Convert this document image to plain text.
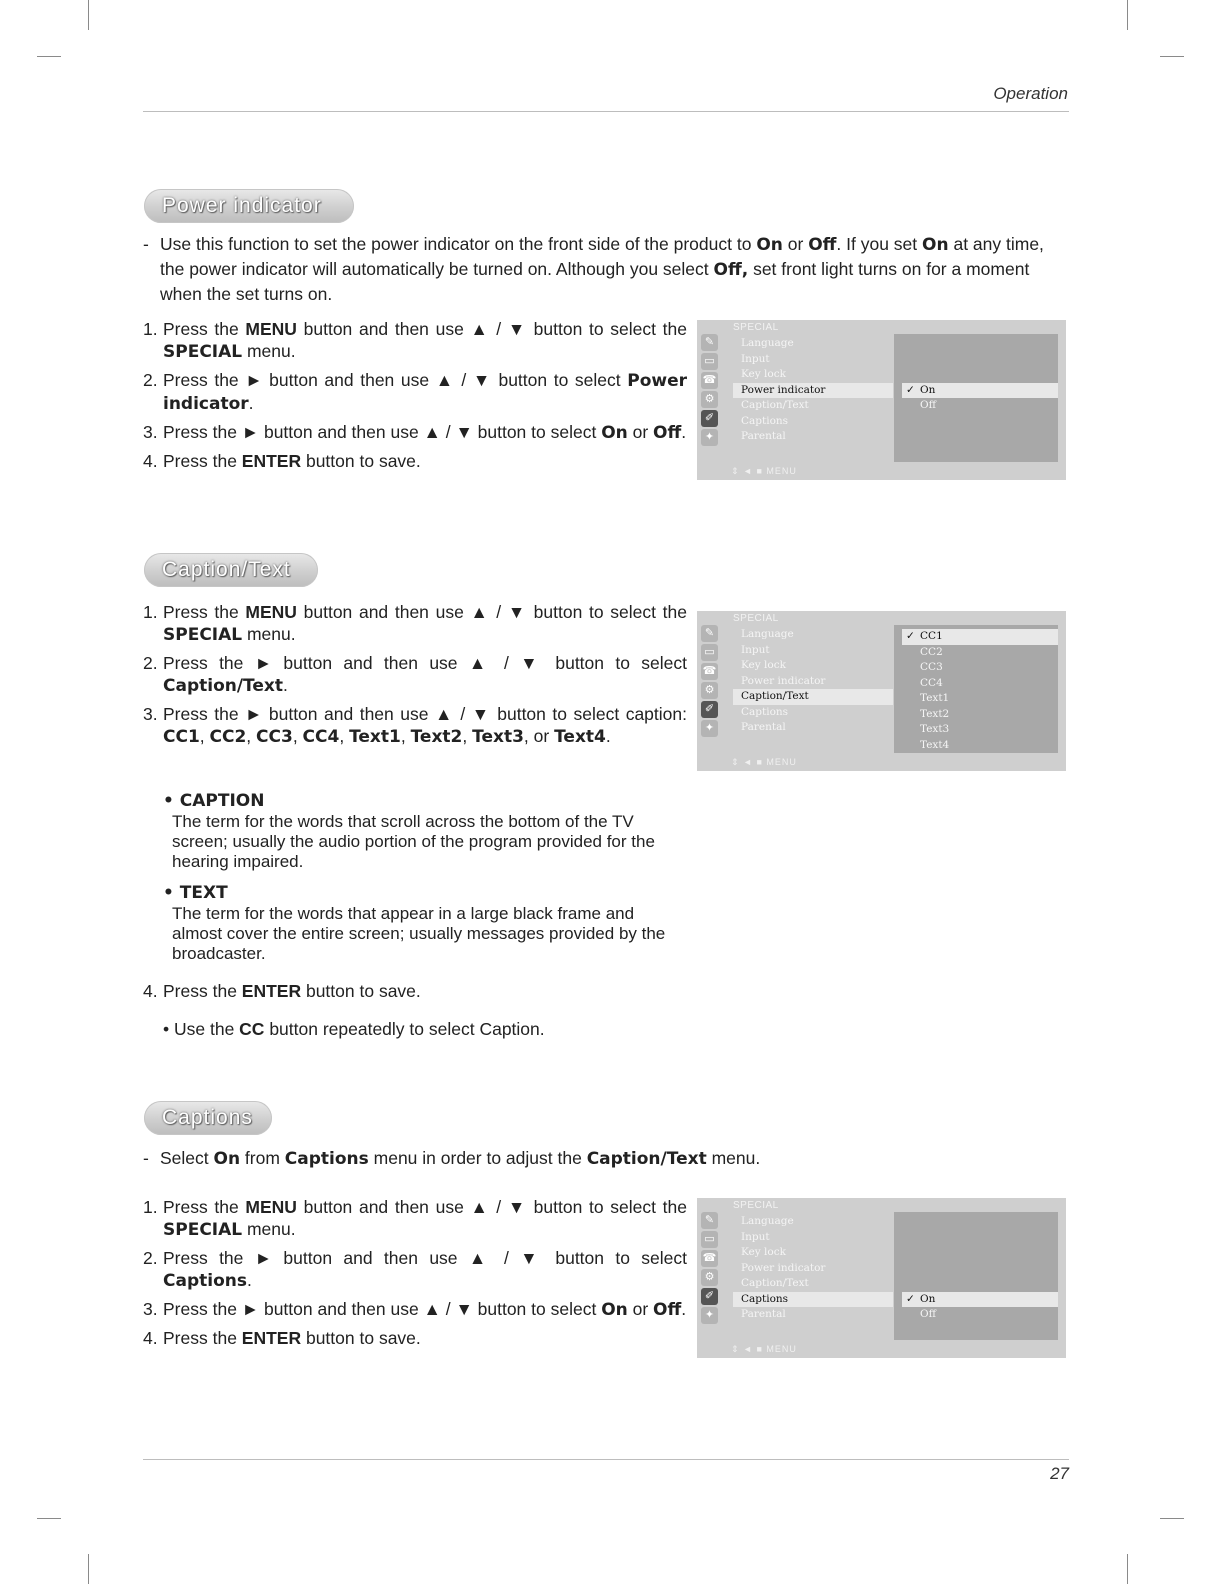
Operation
27
Power indicator
- Use this function to set the power indicator on the front side of the product to On or Off. If you set On at any time, the power indicator will automatically be turned on. Although you select Off, set front light turns on for a moment when the set turns on.
1. Press the MENU button and then use ▲ / ▼ button to select the SPECIAL menu.
2. Press the ► button and then use ▲ / ▼ button to select Power indicator.
3. Press the ► button and then use ▲ / ▼ button to select On or Off.
4. Press the ENTER button to save.
SPECIAL
✎
▭
☎
⚙
✐
✦
Language
Input
Key lock
Power indicator
Caption/Text
Captions
Parental
✓ On
Off
⇕ ◄ ■ MENU
Caption/Text
1. Press the MENU button and then use ▲ / ▼ button to select the SPECIAL menu.
2. Press the ► button and then use ▲ / ▼ button to select Caption/Text.
3. Press the ► button and then use ▲ / ▼ button to select caption: CC1, CC2, CC3, CC4, Text1, Text2, Text3, or Text4.
• CAPTION
The term for the words that scroll across the bottom of the TV screen; usually the audio portion of the program provided for the hearing impaired.
• TEXT
The term for the words that appear in a large black frame and almost cover the entire screen; usually messages provided by the broadcaster.
4. Press the ENTER button to save.
• Use the CC button repeatedly to select Caption.
SPECIAL
✎
▭
☎
⚙
✐
✦
Language
Input
Key lock
Power indicator
Caption/Text
Captions
Parental
✓ CC1
CC2
CC3
CC4
Text1
Text2
Text3
Text4
⇕ ◄ ■ MENU
Captions
- Select On from Captions menu in order to adjust the Caption/Text menu.
1. Press the MENU button and then use ▲ / ▼ button to select the SPECIAL menu.
2. Press the ► button and then use ▲ / ▼ button to select Captions.
3. Press the ► button and then use ▲ / ▼ button to select On or Off.
4. Press the ENTER button to save.
SPECIAL
✎
▭
☎
⚙
✐
✦
Language
Input
Key lock
Power indicator
Caption/Text
Captions
Parental
✓ On
Off
⇕ ◄ ■ MENU
